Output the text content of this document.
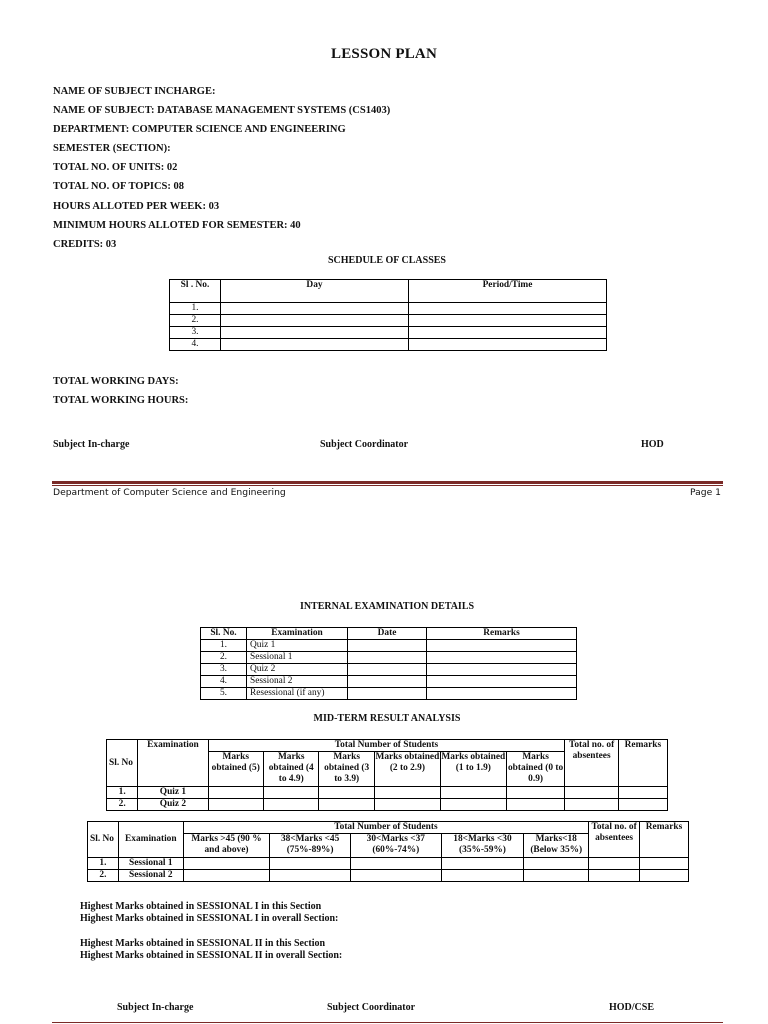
LESSON PLAN
NAME OF SUBJECT INCHARGE:
NAME OF SUBJECT: DATABASE MANAGEMENT SYSTEMS (CS1403)
DEPARTMENT: COMPUTER SCIENCE AND ENGINEERING
SEMESTER (SECTION):
TOTAL NO. OF UNITS: 02
TOTAL NO. OF TOPICS: 08
HOURS ALLOTED PER WEEK: 03
MINIMUM HOURS ALLOTED FOR SEMESTER: 40
CREDITS: 03
SCHEDULE OF CLASSES
Sl . No.	Day	Period/Time
1.		
2.		
3.		
4.		
TOTAL WORKING DAYS:
TOTAL WORKING HOURS:
Subject In-charge	Subject Coordinator	HOD
Department of Computer Science and Engineering	Page 1
INTERNAL EXAMINATION DETAILS
Sl. No.	Examination	Date	Remarks
1.	Quiz 1		
2.	Sessional 1		
3.	Quiz 2		
4.	Sessional 2		
5.	Resessional (if any)		
MID-TERM RESULT ANALYSIS
Sl. No	Examination	Total Number of Students						Total no. of absentees	Remarks
		Marks obtained (5)	Marks obtained (4 to 4.9)	Marks obtained (3 to 3.9)	Marks obtained (2 to 2.9)	Marks obtained (1 to 1.9)	Marks obtained (0 to 0.9)		
1.	Quiz 1								
2.	Quiz 2								
Sl. No	Examination	Total Number of Students					Total no. of absentees	Remarks
		Marks >45 (90 % and above)	38<Marks <45 (75%-89%)	30<Marks <37 (60%-74%)	18<Marks <30 (35%-59%)	Marks<18 (Below 35%)		
1.	Sessional 1							
2.	Sessional 2							
Highest Marks obtained in SESSIONAL I in this Section
Highest Marks obtained in SESSIONAL I in overall Section:
Highest Marks obtained in SESSIONAL II in this Section
Highest Marks obtained in SESSIONAL II in overall Section:
Subject In-charge	Subject Coordinator	HOD/CSE
